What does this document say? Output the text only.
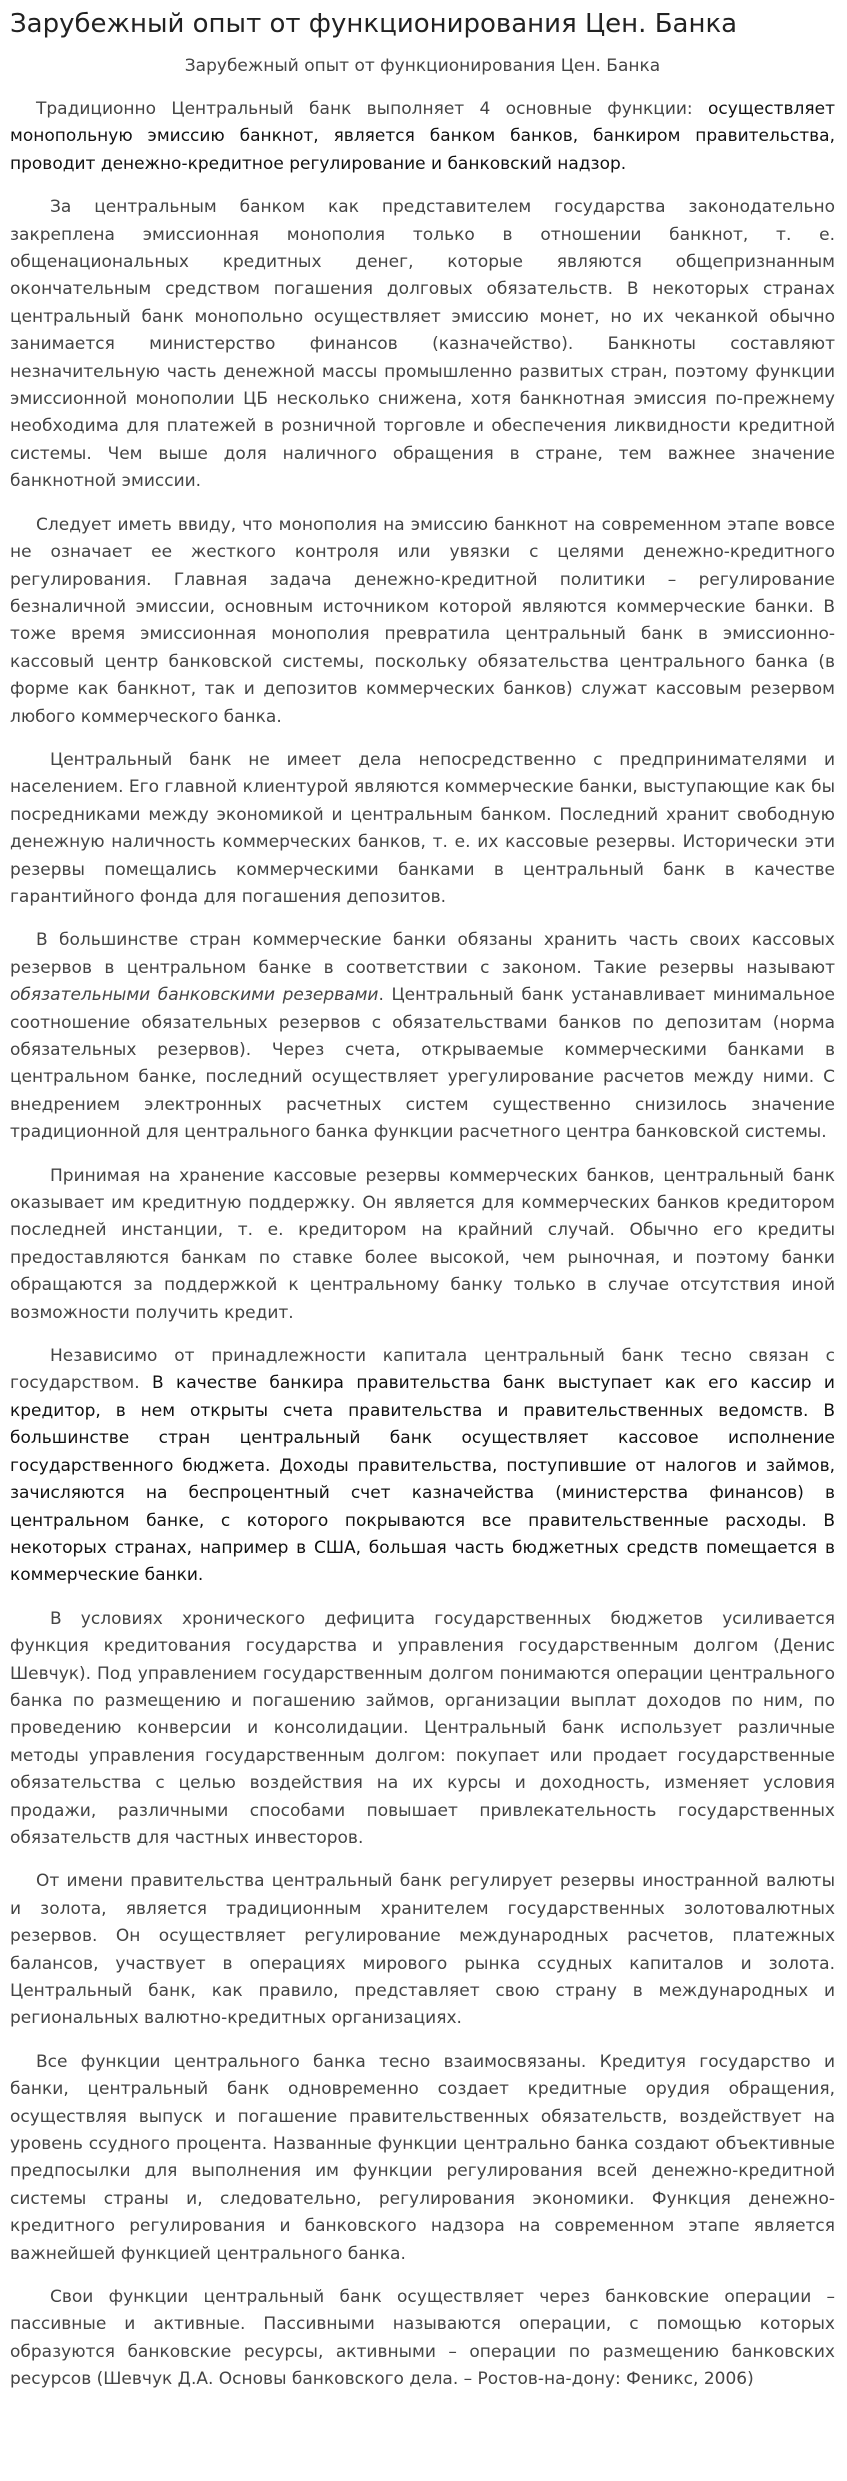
Зарубежный опыт от функционирования Цен. Банка
Зарубежный опыт от функционирования Цен. Банка

Традиционно Центральный банк выполняет 4 основные функции: осуществляет монопольную эмиссию банкнот, является банком банков, банкиром правительства, проводит денежно-кредитное регулирование и банковский надзор.

За центральным банком как представителем государства законодательно закреплена эмиссионная монополия только в отношении банкнот, т. е. общенациональных кредитных денег, которые являются общепризнанным окончательным средством погашения долговых обязательств. В некоторых странах центральный банк монопольно осуществляет эмиссию монет, но их чеканкой обычно занимается министерство финансов (казначейство). Банкноты составляют незначительную часть денежной массы промышленно развитых стран, поэтому функции эмиссионной монополии ЦБ несколько снижена, хотя банкнотная эмиссия по-прежнему необходима для платежей в розничной торговле и обеспечения ликвидности кредитной системы. Чем выше доля наличного обращения в стране, тем важнее значение банкнотной эмиссии.

Следует иметь ввиду, что монополия на эмиссию банкнот на современном этапе вовсе не означает ее жесткого контроля или увязки с целями денежно-кредитного регулирования. Главная задача денежно-кредитной политики – регулирование безналичной эмиссии, основным источником которой являются коммерческие банки. В тоже время эмиссионная монополия превратила центральный банк в эмиссионно-кассовый центр банковской системы, поскольку обязательства центрального банка (в форме как банкнот, так и депозитов коммерческих банков) служат кассовым резервом любого коммерческого банка.

Центральный банк не имеет дела непосредственно с предпринимателями и населением. Его главной клиентурой являются коммерческие банки, выступающие как бы посредниками между экономикой и центральным банком. Последний хранит свободную денежную наличность коммерческих банков, т. е. их кассовые резервы. Исторически эти резервы помещались коммерческими банками в центральный банк в качестве гарантийного фонда для погашения депозитов.

В большинстве стран коммерческие банки обязаны хранить часть своих кассовых резервов в центральном банке в соответствии с законом. Такие резервы называют обязательными банковскими резервами. Центральный банк устанавливает минимальное соотношение обязательных резервов с обязательствами банков по депозитам (норма обязательных резервов). Через счета, открываемые коммерческими банками в центральном банке, последний осуществляет урегулирование расчетов между ними. С внедрением электронных расчетных систем существенно снизилось значение традиционной для центрального банка функции расчетного центра банковской системы.

Принимая на хранение кассовые резервы коммерческих банков, центральный банк оказывает им кредитную поддержку. Он является для коммерческих банков кредитором последней инстанции, т. е. кредитором на крайний случай. Обычно его кредиты предоставляются банкам по ставке более высокой, чем рыночная, и поэтому банки обращаются за поддержкой к центральному банку только в случае отсутствия иной возможности получить кредит.

Независимо от принадлежности капитала центральный банк тесно связан с государством. В качестве банкира правительства банк выступает как его кассир и кредитор, в нем открыты счета правительства и правительственных ведомств. В большинстве стран центральный банк осуществляет кассовое исполнение государственного бюджета. Доходы правительства, поступившие от налогов и займов, зачисляются на беспроцентный счет казначейства (министерства финансов) в центральном банке, с которого покрываются все правительственные расходы. В некоторых странах, например в США, большая часть бюджетных средств помещается в коммерческие банки.

В условиях хронического дефицита государственных бюджетов усиливается функция кредитования государства и управления государственным долгом (Денис Шевчук). Под управлением государственным долгом понимаются операции центрального банка по размещению и погашению займов, организации выплат доходов по ним, по проведению конверсии и консолидации. Центральный банк использует различные методы управления государственным долгом: покупает или продает государственные обязательства с целью воздействия на их курсы и доходность, изменяет условия продажи, различными способами повышает привлекательность государственных обязательств для частных инвесторов.

От имени правительства центральный банк регулирует резервы иностранной валюты и золота, является традиционным хранителем государственных золотовалютных резервов. Он осуществляет регулирование международных расчетов, платежных балансов, участвует в операциях мирового рынка ссудных капиталов и золота. Центральный банк, как правило, представляет свою страну в международных и региональных валютно-кредитных организациях.

Все функции центрального банка тесно взаимосвязаны. Кредитуя государство и банки, центральный банк одновременно создает кредитные орудия обращения, осуществляя выпуск и погашение правительственных обязательств, воздействует на уровень ссудного процента. Названные функции центрально банка создают объективные предпосылки для выполнения им функции регулирования всей денежно-кредитной системы страны и, следовательно, регулирования экономики. Функция денежно-кредитного регулирования и банковского надзора на современном этапе является важнейшей функцией центрального банка.

Свои функции центральный банк осуществляет через банковские операции – пассивные и активные. Пассивными называются операции, с помощью которых образуются банковские ресурсы, активными – операции по размещению банковских ресурсов (Шевчук Д.А. Основы банковского дела. – Ростов-на-дону: Феникс, 2006)
